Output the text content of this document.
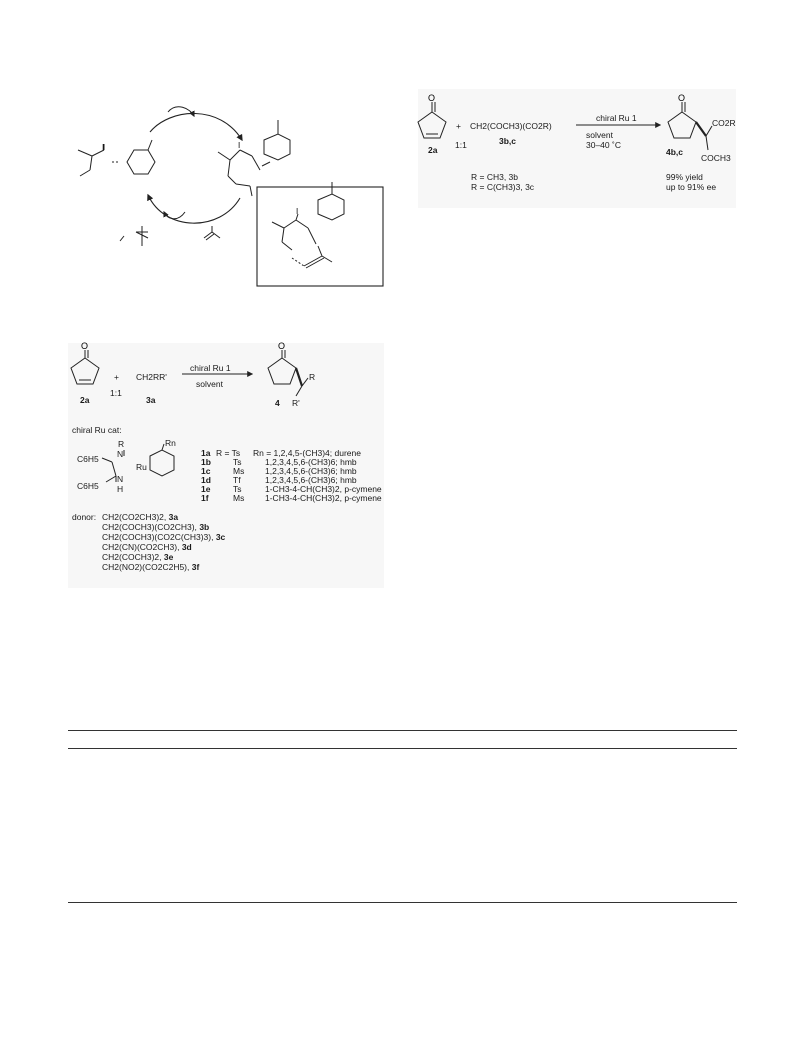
I	I
I
O	O
2a
+
1:1
CH2(COCH3)(CO2R)
3b,c
chiral Ru 1
solvent
30–40 ˚C
R = CH3, 3b
R = C(CH3)3, 3c
CO2R
4b,c
COCH3
99% yield
up to 91% ee
O	O
2a
+
1:1
CH2RR'
3a
chiral Ru 1
solvent
R
R'
4
chiral Ru cat:
R
N
C6H5
Ru
Rn
N
C6H5 H
1a R = Ts Rn = 1,2,4,5-(CH3)4; durene
1b	Ts	1,2,3,4,5,6-(CH3)6; hmb
1c	Ms 1,2,3,4,5,6-(CH3)6; hmb
1d	Tf	1,2,3,4,5,6-(CH3)6; hmb
1e	Ts	1-CH3-4-CH(CH3)2, p-cymene
1f	Ms 1-CH3-4-CH(CH3)2, p-cymene
donor: CH2(CO2CH3)2, 3a
CH2(COCH3)(CO2CH3), 3b
CH2(COCH3)(CO2C(CH3)3), 3c
CH2(CN)(CO2CH3), 3d
CH2(COCH3)2, 3e
CH2(NO2)(CO2C2H5), 3f
